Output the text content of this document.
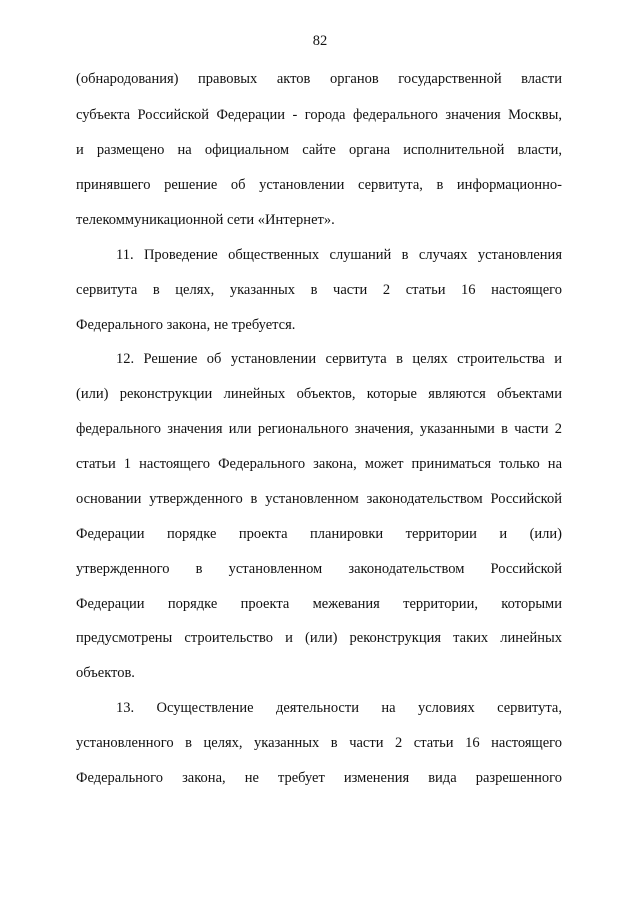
82
(обнародования) правовых актов органов государственной власти
субъекта Российской Федерации - города федерального значения Москвы,
и размещено на официальном сайте органа исполнительной власти,
принявшего решение об установлении сервитута, в информационно-
телекоммуникационной сети «Интернет».
11. Проведение общественных слушаний в случаях установления
сервитута в целях, указанных в части 2 статьи 16 настоящего
Федерального закона, не требуется.
12. Решение об установлении сервитута в целях строительства и
(или) реконструкции линейных объектов, которые являются объектами
федерального значения или регионального значения, указанными в части 2
статьи 1 настоящего Федерального закона, может приниматься только на
основании утвержденного в установленном законодательством Российской
Федерации порядке проекта планировки территории и (или)
утвержденного в установленном законодательством Российской
Федерации порядке проекта межевания территории, которыми
предусмотрены строительство и (или) реконструкция таких линейных
объектов.
13. Осуществление деятельности на условиях сервитута,
установленного в целях, указанных в части 2 статьи 16 настоящего
Федерального закона, не требует изменения вида разрешенного
